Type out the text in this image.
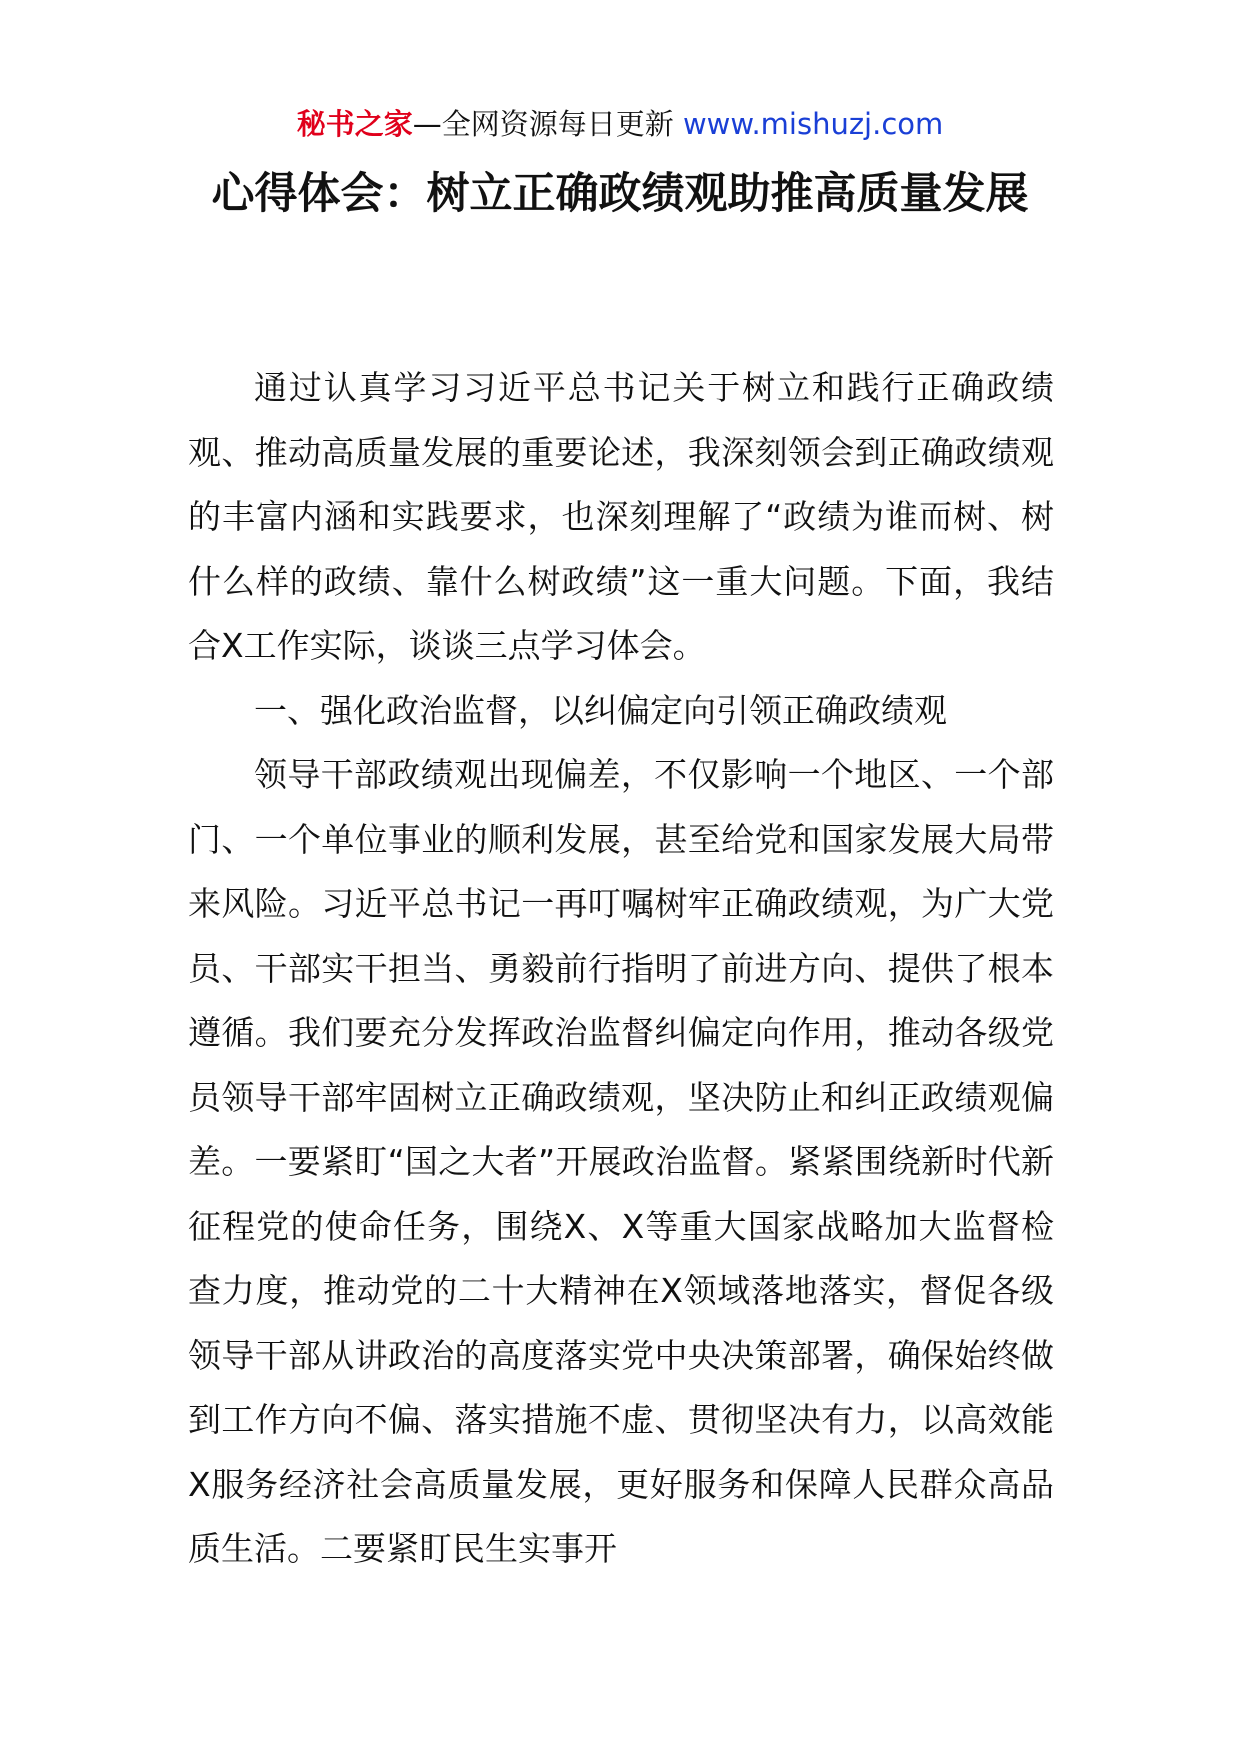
秘书之家—全网资源每日更新 www.mishuzj.com
心得体会：树立正确政绩观助推高质量发展

通过认真学习习近平总书记关于树立和践行正确政绩观、推动高质量发展的重要论述，我深刻领会到正确政绩观的丰富内涵和实践要求，也深刻理解了“政绩为谁而树、树什么样的政绩、靠什么树政绩”这一重大问题。下面，我结合X工作实际，谈谈三点学习体会。

一、强化政治监督，以纠偏定向引领正确政绩观

领导干部政绩观出现偏差，不仅影响一个地区、一个部门、一个单位事业的顺利发展，甚至给党和国家发展大局带来风险。习近平总书记一再叮嘱树牢正确政绩观，为广大党员、干部实干担当、勇毅前行指明了前进方向、提供了根本遵循。我们要充分发挥政治监督纠偏定向作用，推动各级党员领导干部牢固树立正确政绩观，坚决防止和纠正政绩观偏差。一要紧盯“国之大者”开展政治监督。紧紧围绕新时代新征程党的使命任务，围绕X、X等重大国家战略加大监督检查力度，推动党的二十大精神在X领域落地落实，督促各级领导干部从讲政治的高度落实党中央决策部署，确保始终做到工作方向不偏、落实措施不虚、贯彻坚决有力，以高效能X服务经济社会高质量发展，更好服务和保障人民群众高品质生活。二要紧盯民生实事开
